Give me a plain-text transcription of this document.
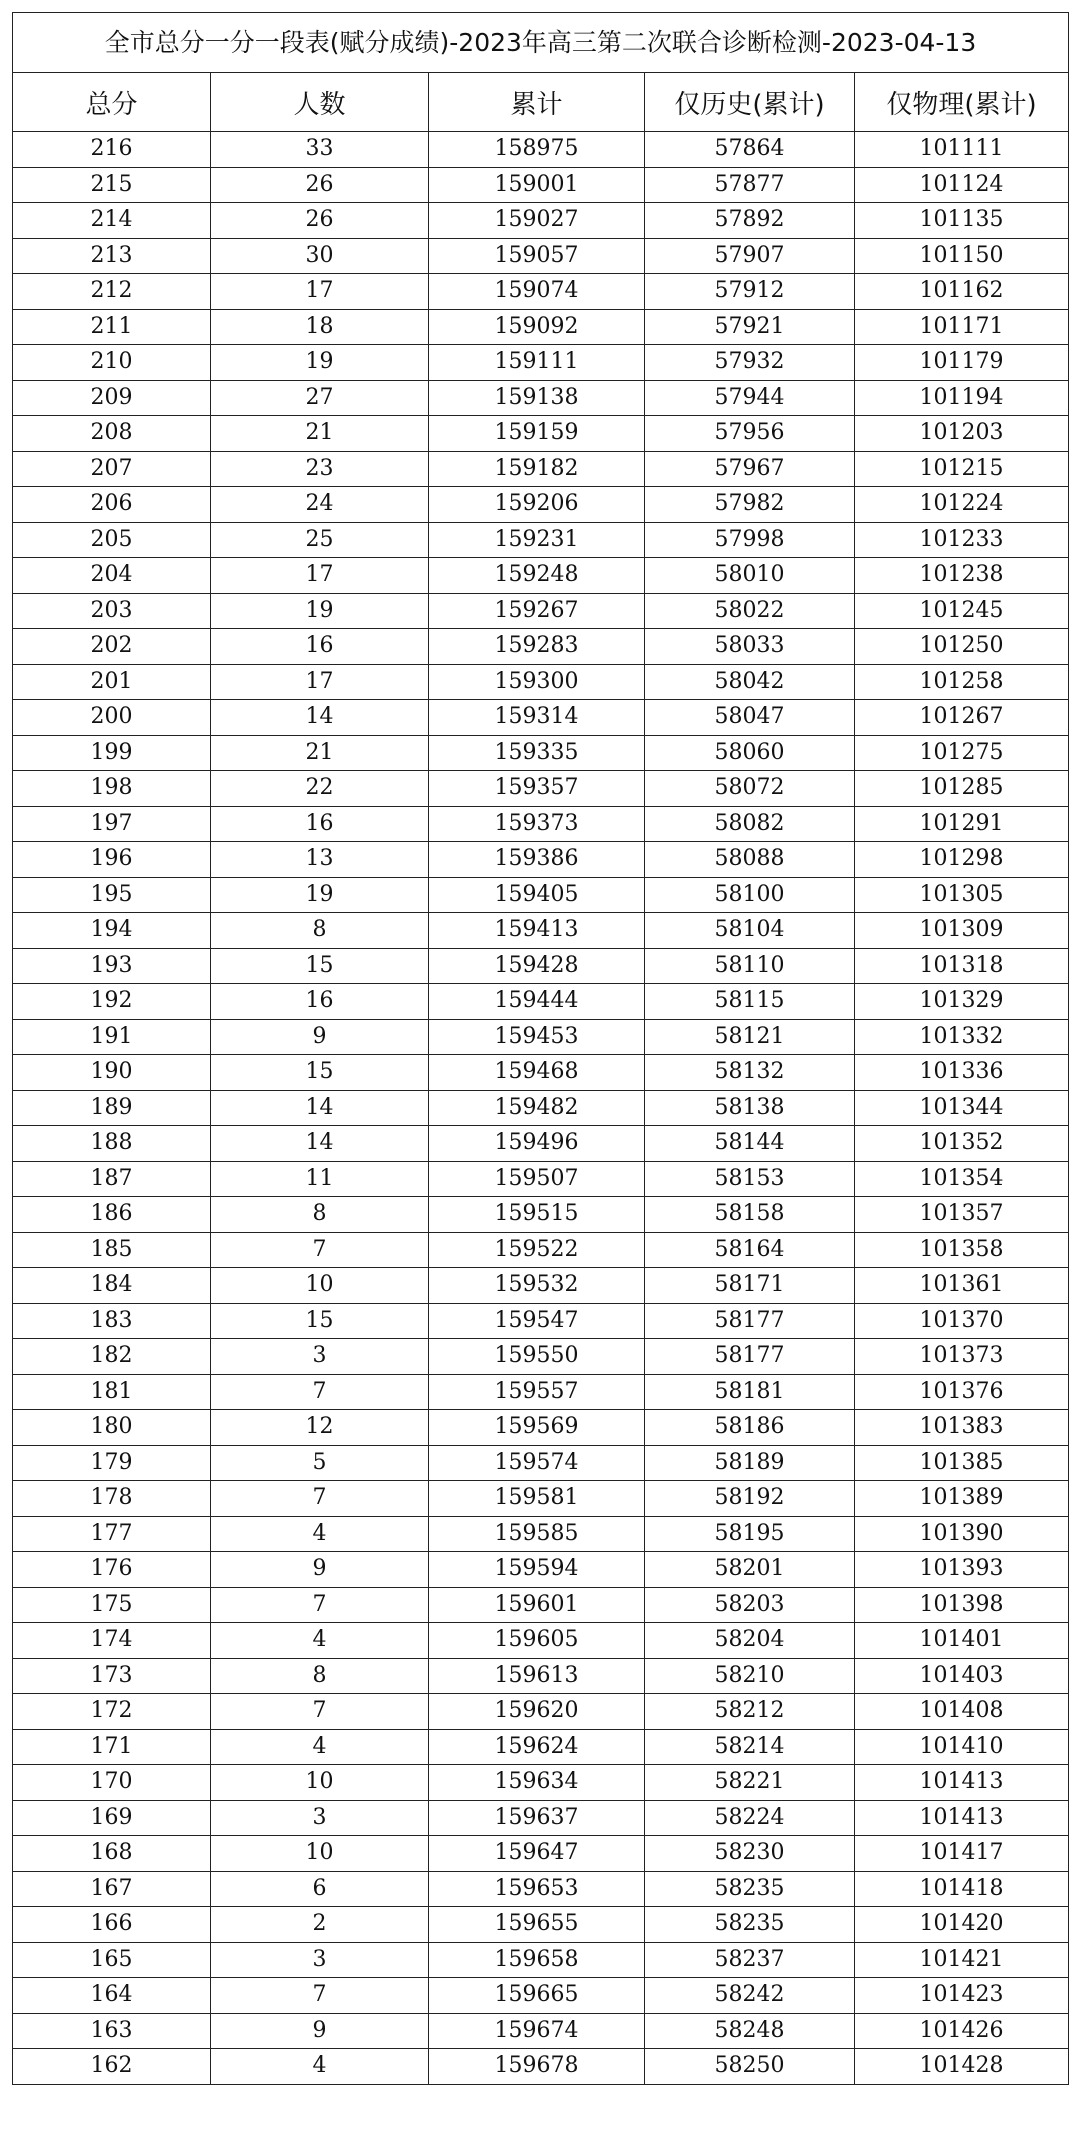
全市总分一分一段表(赋分成绩)-2023年高三第二次联合诊断检测-2023-04-13
总分	人数	累计	仅历史(累计)	仅物理(累计)
216	33	158975	57864	101111
215	26	159001	57877	101124
214	26	159027	57892	101135
213	30	159057	57907	101150
212	17	159074	57912	101162
211	18	159092	57921	101171
210	19	159111	57932	101179
209	27	159138	57944	101194
208	21	159159	57956	101203
207	23	159182	57967	101215
206	24	159206	57982	101224
205	25	159231	57998	101233
204	17	159248	58010	101238
203	19	159267	58022	101245
202	16	159283	58033	101250
201	17	159300	58042	101258
200	14	159314	58047	101267
199	21	159335	58060	101275
198	22	159357	58072	101285
197	16	159373	58082	101291
196	13	159386	58088	101298
195	19	159405	58100	101305
194	8	159413	58104	101309
193	15	159428	58110	101318
192	16	159444	58115	101329
191	9	159453	58121	101332
190	15	159468	58132	101336
189	14	159482	58138	101344
188	14	159496	58144	101352
187	11	159507	58153	101354
186	8	159515	58158	101357
185	7	159522	58164	101358
184	10	159532	58171	101361
183	15	159547	58177	101370
182	3	159550	58177	101373
181	7	159557	58181	101376
180	12	159569	58186	101383
179	5	159574	58189	101385
178	7	159581	58192	101389
177	4	159585	58195	101390
176	9	159594	58201	101393
175	7	159601	58203	101398
174	4	159605	58204	101401
173	8	159613	58210	101403
172	7	159620	58212	101408
171	4	159624	58214	101410
170	10	159634	58221	101413
169	3	159637	58224	101413
168	10	159647	58230	101417
167	6	159653	58235	101418
166	2	159655	58235	101420
165	3	159658	58237	101421
164	7	159665	58242	101423
163	9	159674	58248	101426
162	4	159678	58250	101428
